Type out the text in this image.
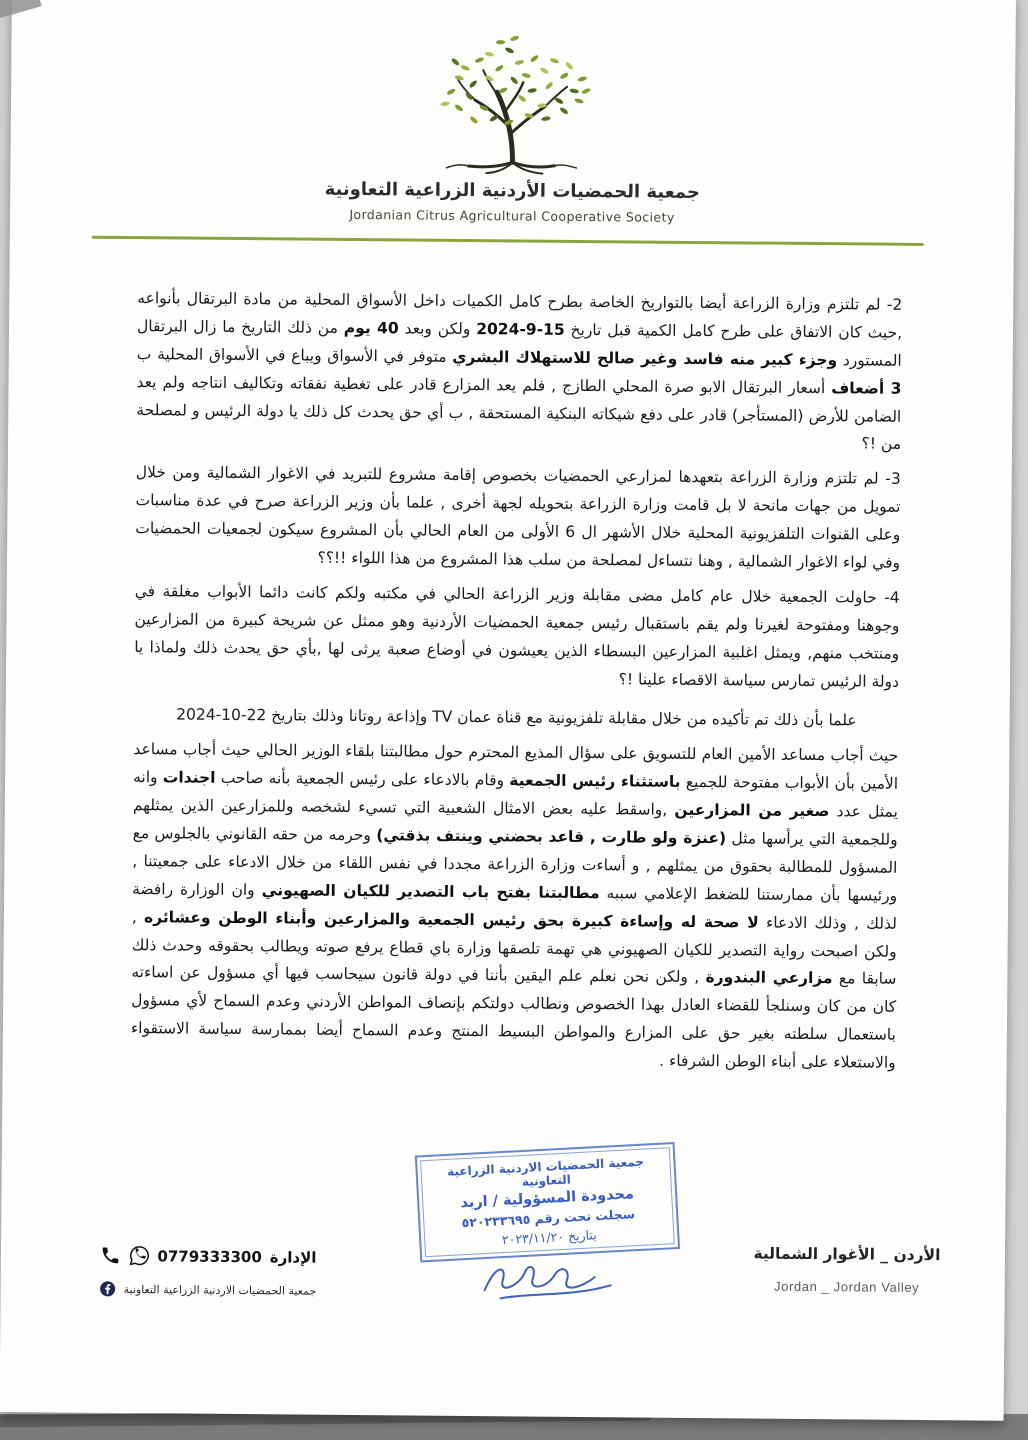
جمعية الحمضيات الأردنية الزراعية التعاونية
Jordanian Citrus Agricultural Cooperative Society

2- لم تلتزم وزارة الزراعة أيضا بالتواريخ الخاصة بطرح كامل الكميات داخل الأسواق المحلية من مادة البرتقال بأنواعه ,حيث كان الاتفاق على طرح كامل الكمية قبل تاريخ 15-9-2024 ولكن وبعد 40 يوم من ذلك التاريخ ما زال البرتقال المستورد وجزء كبير منه فاسد وغير صالح للاستهلاك البشري متوفر في الأسواق ويباع في الأسواق المحلية ب 3 أضعاف أسعار البرتقال الابو صرة المحلي الطازج , فلم يعد المزارع قادر على تغطية نفقاته وتكاليف انتاجه ولم يعد الضامن للأرض (المستأجر) قادر على دفع شيكاته البنكية المستحقة , ب أي حق يحدث كل ذلك يا دولة الرئيس و لمصلحة من !؟

3- لم تلتزم وزارة الزراعة بتعهدها لمزارعي الحمضيات بخصوص إقامة مشروع للتبريد في الاغوار الشمالية ومن خلال تمويل من جهات مانحة لا بل قامت وزارة الزراعة بتحويله لجهة أخرى , علما بأن وزير الزراعة صرح في عدة مناسبات وعلى القنوات التلفزيونية المحلية خلال الأشهر ال 6 الأولى من العام الحالي بأن المشروع سيكون لجمعيات الحمضيات وفي لواء الاغوار الشمالية , وهنا نتساءل لمصلحة من سلب هذا المشروع من هذا اللواء !!؟؟

4- حاولت الجمعية خلال عام كامل مضى مقابلة وزير الزراعة الحالي في مكتبه ولكم كانت دائما الأبواب مغلقة في وجوهنا ومفتوحة لغيرنا ولم يقم باستقبال رئيس جمعية الحمضيات الأردنية وهو ممثل عن شريحة كبيرة من المزارعين ومنتخب منهم, ويمثل اغلبية المزارعين البسطاء الذين يعيشون في أوضاع صعبة يرثى لها ,بأي حق يحدث ذلك ولماذا يا دولة الرئيس تمارس سياسة الاقصاء علينا !؟

علما بأن ذلك تم تأكيده من خلال مقابلة تلفزيونية مع قناة عمان TV وإذاعة روتانا وذلك بتاريخ 22-10-2024

حيث أجاب مساعد الأمين العام للتسويق على سؤال المذيع المحترم حول مطالبتنا بلقاء الوزير الحالي حيث أجاب مساعد الأمين بأن الأبواب مفتوحة للجميع باستثناء رئيس الجمعية وقام بالادعاء على رئيس الجمعية بأنه صاحب اجندات وانه يمثل عدد صغير من المزارعين ,واسقط عليه بعض الامثال الشعبية التي تسيء لشخصه وللمزارعين الذين يمثلهم وللجمعية التي يرأسها مثل (عنزة ولو طارت , قاعد بحضني وينتف بذقتي) وحرمه من حقه القانوني بالجلوس مع المسؤول للمطالبة بحقوق من يمثلهم , و أساءت وزارة الزراعة مجددا في نفس اللقاء من خلال الادعاء على جمعيتنا , ورئيسها بأن ممارستنا للضغط الإعلامي سببه مطالبتنا بفتح باب التصدير للكيان الصهيوني وان الوزارة رافضة لذلك , وذلك الادعاء لا صحة له وإساءة كبيرة بحق رئيس الجمعية والمزارعين وأبناء الوطن وعشائره , ولكن اصبحت رواية التصدير للكيان الصهيوني هي تهمة تلصقها وزارة باي قطاع يرفع صوته ويطالب بحقوقه وحدث ذلك سابقا مع مزارعي البندورة , ولكن نحن نعلم علم اليقين بأننا في دولة قانون سيحاسب فيها أي مسؤول عن اساءته كان من كان وسنلجأ للقضاء العادل بهذا الخصوص ونطالب دولتكم بإنصاف المواطن الأردني وعدم السماح لأي مسؤول باستعمال سلطته بغير حق على المزارع والمواطن البسيط المنتج وعدم السماح أيضا بممارسة سياسة الاستقواء والاستعلاء على أبناء الوطن الشرفاء .

جمعية الحمضيات الاردنية الزراعية التعاونية
محدودة المسؤولية / اربد
سجلت تحت رقم ٥٢٠٢٣٣٦٩٥
بتاريخ ٢٠٢٣/١١/٢٠
الإدارة
0779333300
جمعية الحمضيات الاردنية الزراعية التعاونية
الأردن _ الأغوار الشمالية
Jordan _ Jordan Valley
